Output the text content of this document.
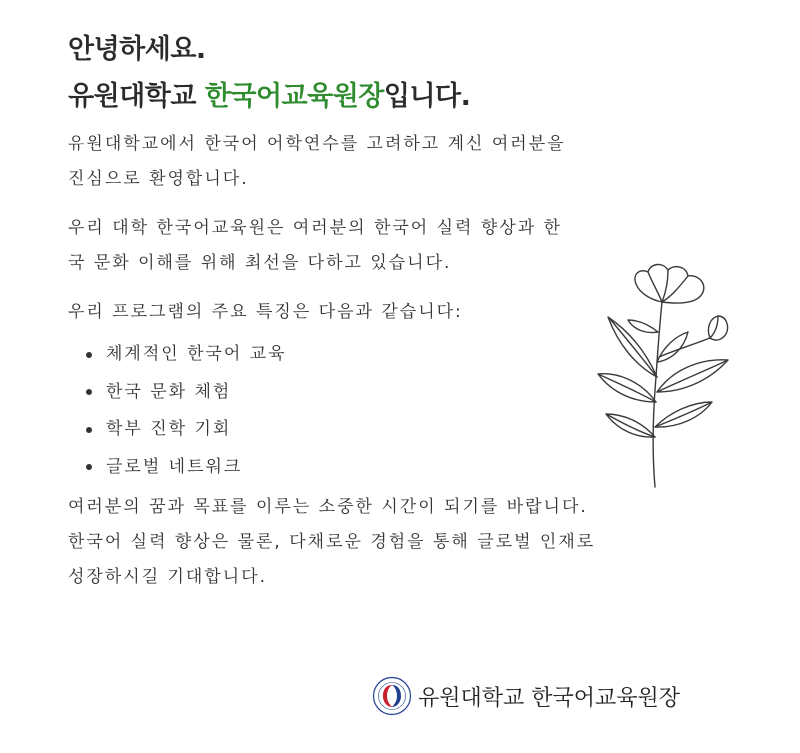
안녕하세요.
유원대학교 한국어교육원장입니다.
유원대학교에서 한국어 어학연수를 고려하고 계신 여러분을
진심으로 환영합니다.
우리 대학 한국어교육원은 여러분의 한국어 실력 향상과 한
국 문화 이해를 위해 최선을 다하고 있습니다.
우리 프로그램의 주요 특징은 다음과 같습니다:
체계적인 한국어 교육
한국 문화 체험
학부 진학 기회
글로벌 네트워크
여러분의 꿈과 목표를 이루는 소중한 시간이 되기를 바랍니다.
한국어 실력 향상은 물론, 다채로운 경험을 통해 글로벌 인재로
성장하시길 기대합니다.
유원대학교 한국어교육원장
